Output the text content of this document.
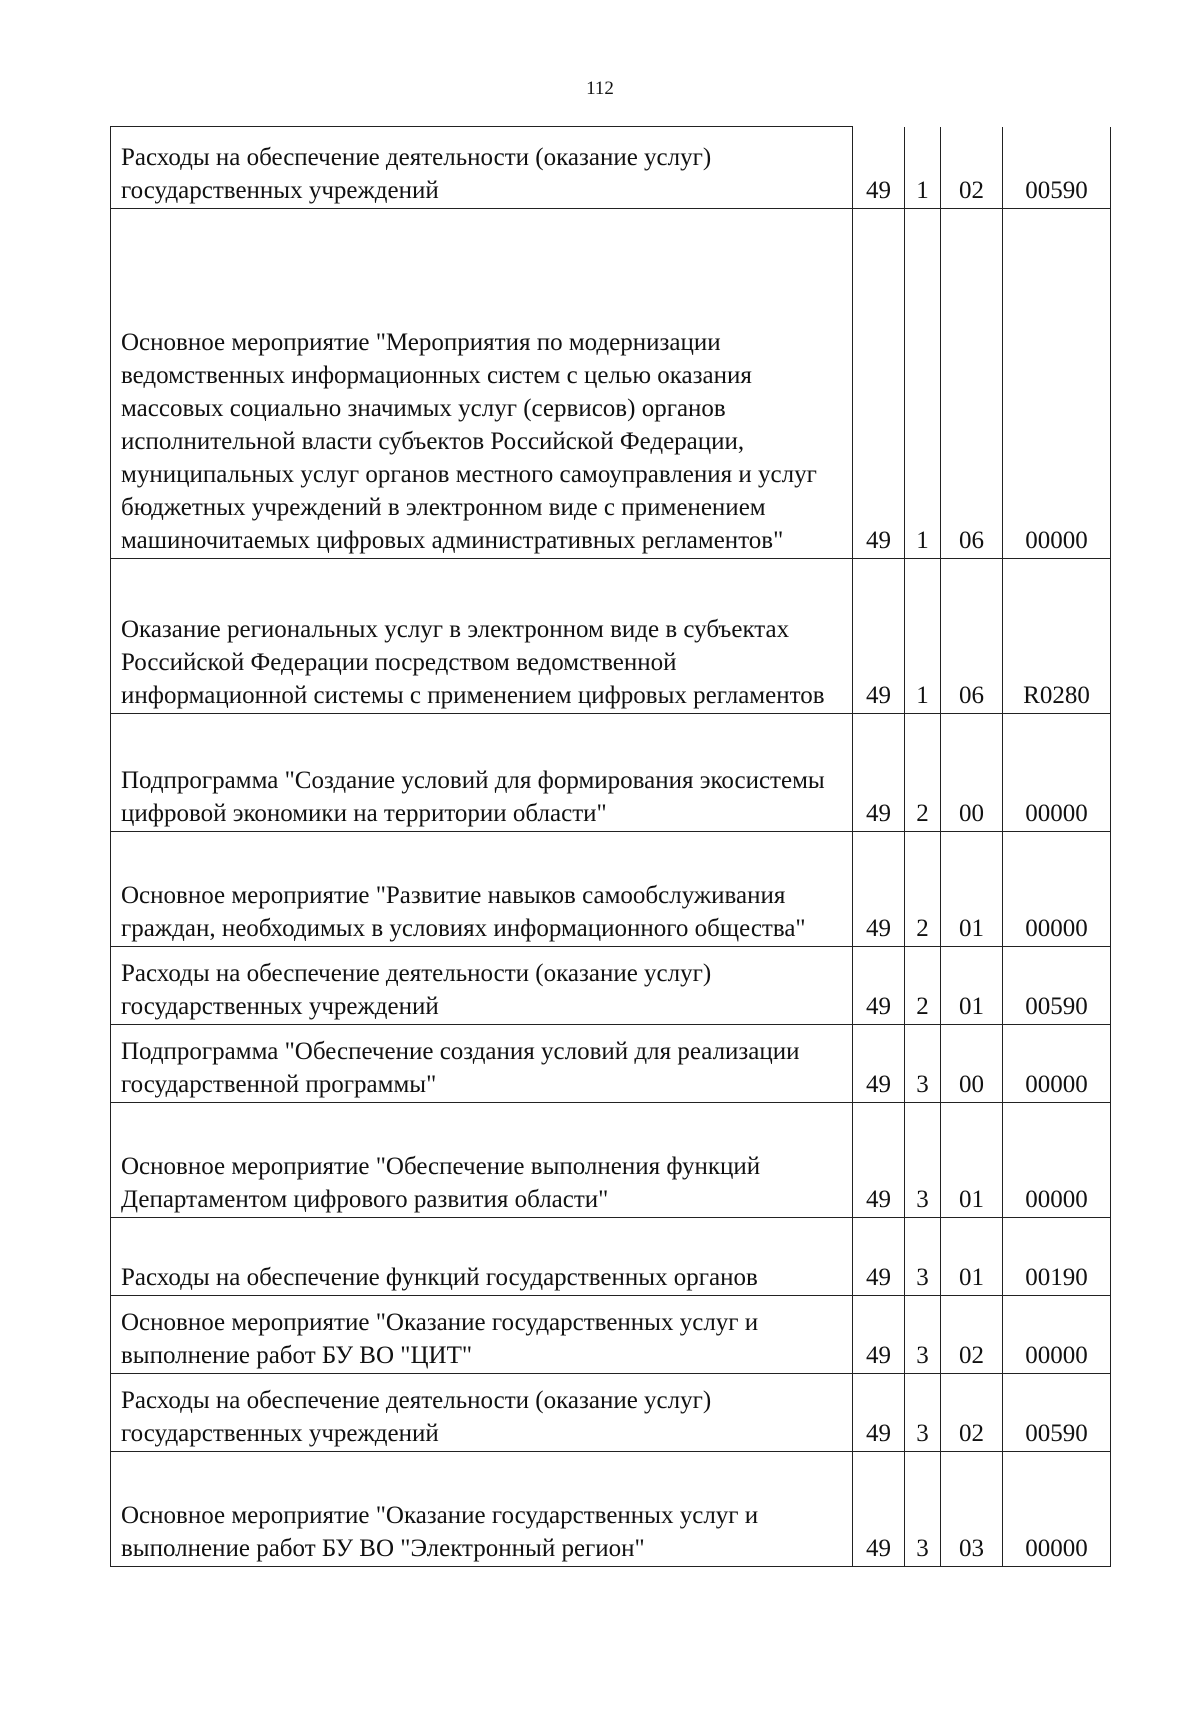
112
Расходы на обеспечение деятельности (оказание услуг) государственных учреждений	49	1	02	00590
Основное мероприятие "Мероприятия по модернизации ведомственных информационных систем с целью оказания массовых социально значимых услуг (сервисов) органов исполнительной власти субъектов Российской Федерации, муниципальных услуг органов местного самоуправления и услуг бюджетных учреждений в электронном виде с применением машиночитаемых цифровых административных регламентов"	49	1	06	00000
Оказание региональных услуг в электронном виде в субъектах Российской Федерации посредством ведомственной информационной системы с применением цифровых регламентов	49	1	06	R0280
Подпрограмма "Создание условий для формирования экосистемы цифровой экономики на территории области"	49	2	00	00000
Основное мероприятие "Развитие навыков самообслуживания граждан, необходимых в условиях информационного общества"	49	2	01	00000
Расходы на обеспечение деятельности (оказание услуг) государственных учреждений	49	2	01	00590
Подпрограмма "Обеспечение создания условий для реализации государственной программы"	49	3	00	00000
Основное мероприятие "Обеспечение выполнения функций Департаментом цифрового развития области"	49	3	01	00000
Расходы на обеспечение функций государственных органов	49	3	01	00190
Основное мероприятие "Оказание государственных услуг и выполнение работ БУ ВО "ЦИТ"	49	3	02	00000
Расходы на обеспечение деятельности (оказание услуг) государственных учреждений	49	3	02	00590
Основное мероприятие "Оказание государственных услуг и выполнение работ БУ ВО "Электронный регион"	49	3	03	00000
